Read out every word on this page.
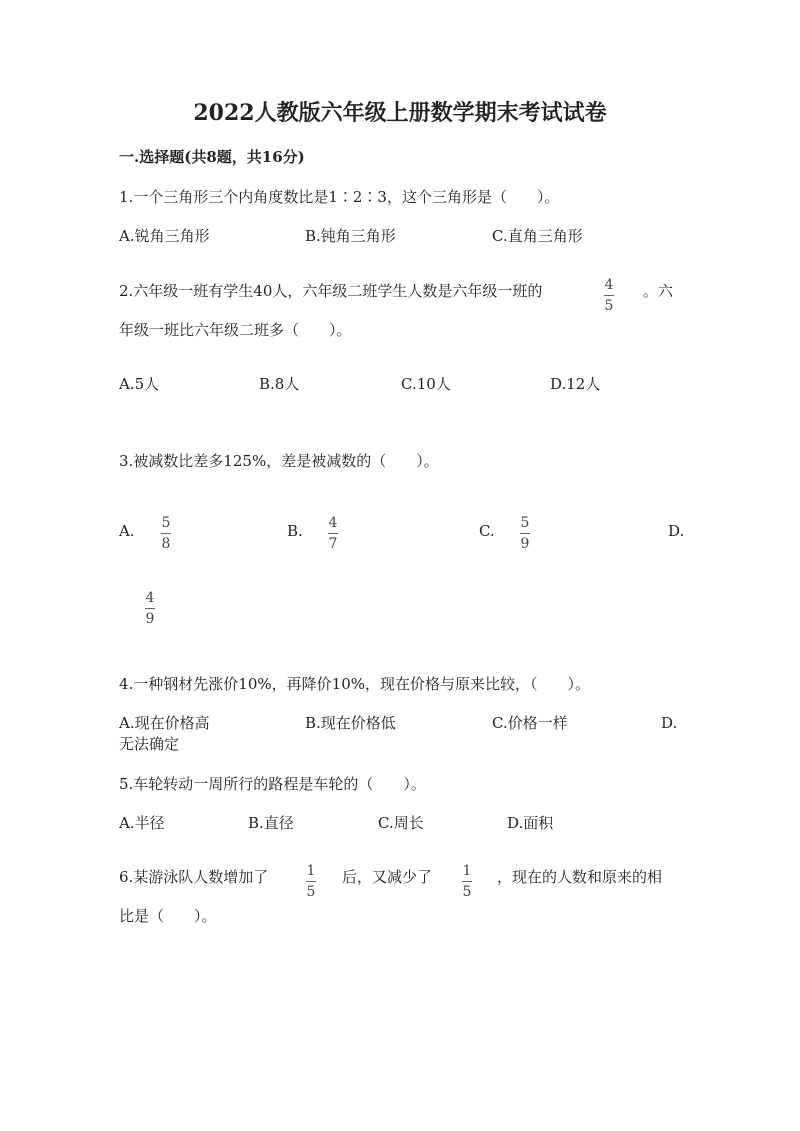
2022人教版六年级上册数学期末考试试卷
一.选择题(共8题，共16分)
1.一个三角形三个内角度数比是1∶2∶3，这个三角形是（　　）。
A.锐角三角形	B.钝角三角形	C.直角三角形
2.六年级一班有学生40人，六年级二班学生人数是六年级一班的	4
5
。六
年级一班比六年级二班多（　　）。
A.5人	B.8人	C.10人	D.12人
3.被减数比差多125%，差是被减数的（　　）。
A. 5
8
B. 4
7
C. 5
9
D.
4
9
4.一种钢材先涨价10%，再降价10%，现在价格与原来比较，（　　）。
A.现在价格高	B.现在价格低	C.价格一样	D.
无法确定
5.车轮转动一周所行的路程是车轮的（　　）。
A.半径	B.直径	C.周长	D.面积
6.某游泳队人数增加了	1
5
后，又减少了 1
5
，现在的人数和原来的相
比是（　　）。
